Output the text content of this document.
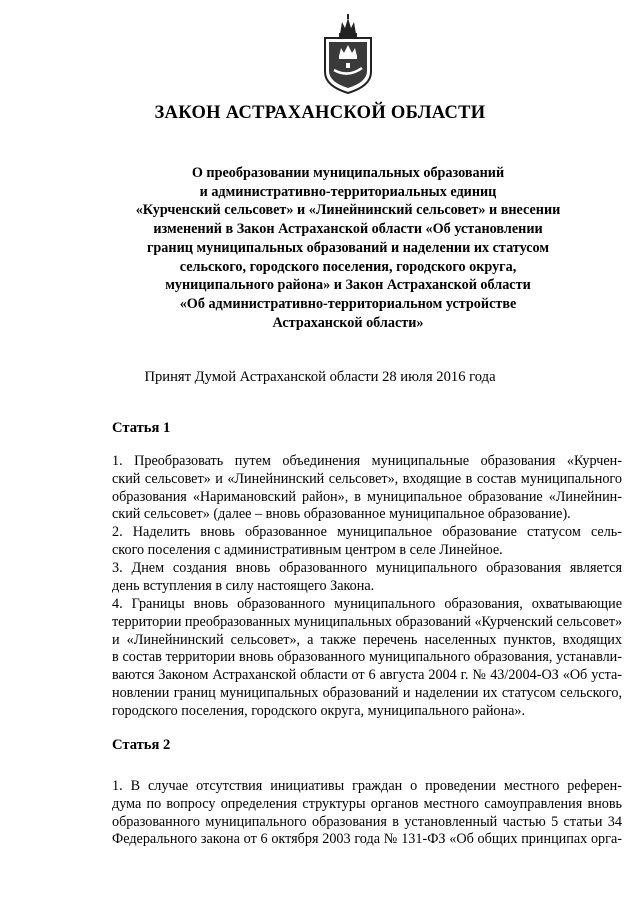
ЗАКОН АСТРАХАНСКОЙ ОБЛАСТИ
О преобразовании муниципальных образований
и административно-территориальных единиц
«Курченский сельсовет» и «Линейнинский сельсовет» и внесении
изменений в Закон Астраханской области «Об установлении
границ муниципальных образований и наделении их статусом
сельского, городского поселения, городского округа,
муниципального района» и Закон Астраханской области
«Об административно-территориальном устройстве
Астраханской области»

Принят Думой Астраханской области 28 июля 2016 года

Статья 1

1. Преобразовать путем объединения муниципальные образования «Курчен-
ский сельсовет» и «Линейнинский сельсовет», входящие в состав муниципального
образования «Наримановский район», в муниципальное образование «Линейнин-
ский сельсовет» (далее – вновь образованное муниципальное образование).
2. Наделить вновь образованное муниципальное образование статусом сель-
ского поселения с административным центром в селе Линейное.
3. Днем создания вновь образованного муниципального образования является
день вступления в силу настоящего Закона.
4. Границы вновь образованного муниципального образования, охватывающие
территории преобразованных муниципальных образований «Курченский сельсовет»
и «Линейнинский сельсовет», а также перечень населенных пунктов, входящих
в состав территории вновь образованного муниципального образования, устанавли-
ваются Законом Астраханской области от 6 августа 2004 г. № 43/2004-ОЗ «Об уста-
новлении границ муниципальных образований и наделении их статусом сельского,
городского поселения, городского округа, муниципального района».

Статья 2

1. В случае отсутствия инициативы граждан о проведении местного референ-
дума по вопросу определения структуры органов местного самоуправления вновь
образованного муниципального образования в установленный частью 5 статьи 34
Федерального закона от 6 октября 2003 года № 131-ФЗ «Об общих принципах орга-
